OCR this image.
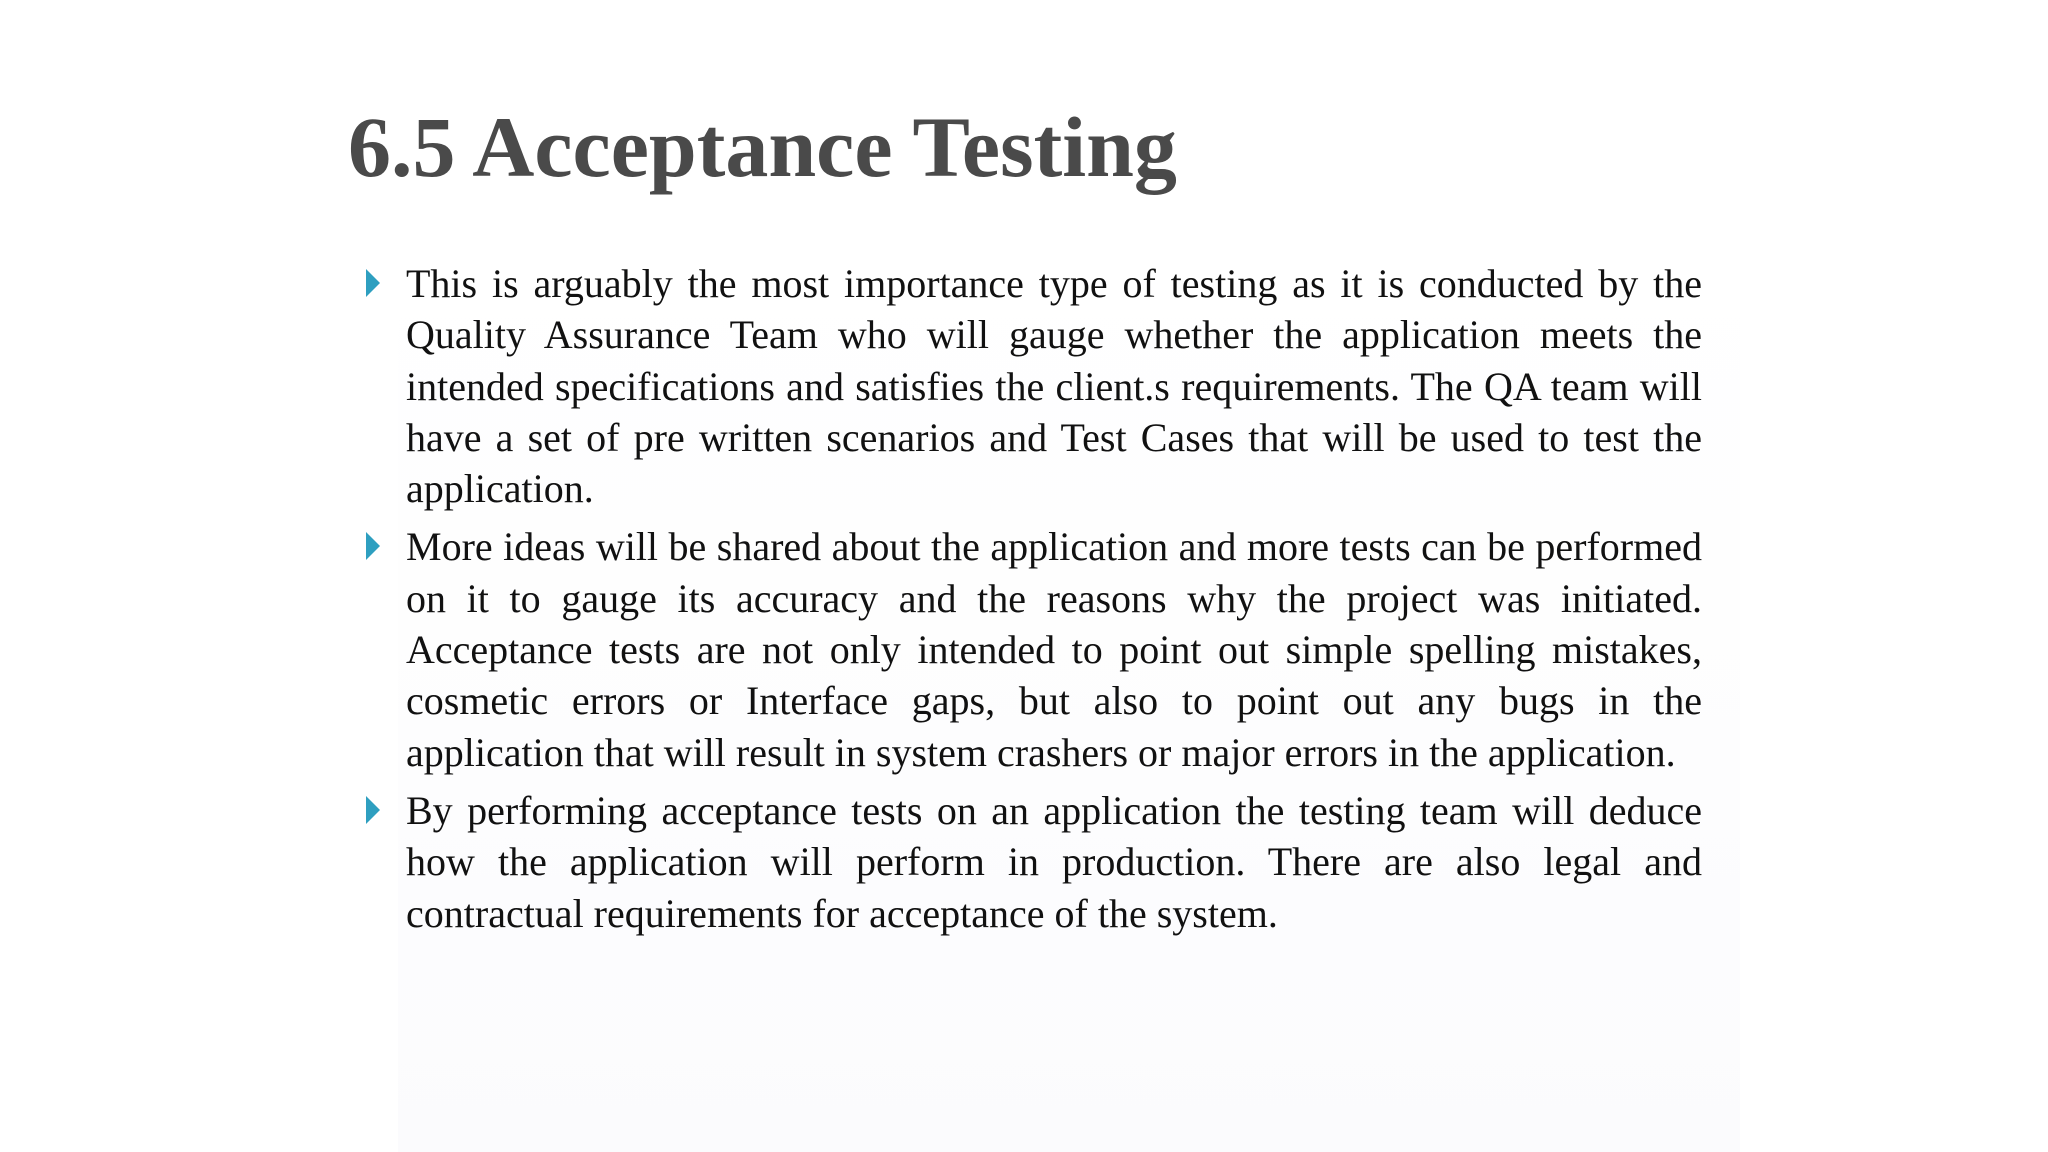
6.5 Acceptance Testing
This is arguably the most importance type of testing as it is conducted by the Quality Assurance Team who will gauge whether the application meets the intended specifications and satisfies the client.s requirements. The QA team will have a set of pre written scenarios and Test Cases that will be used to test the application.
More ideas will be shared about the application and more tests can be performed on it to gauge its accuracy and the reasons why the project was initiated. Acceptance tests are not only intended to point out simple spelling mistakes, cosmetic errors or Interface gaps, but also to point out any bugs in the application that will result in system crashers or major errors in the application.
By performing acceptance tests on an application the testing team will deduce how the application will perform in production. There are also legal and contractual requirements for acceptance of the system.
